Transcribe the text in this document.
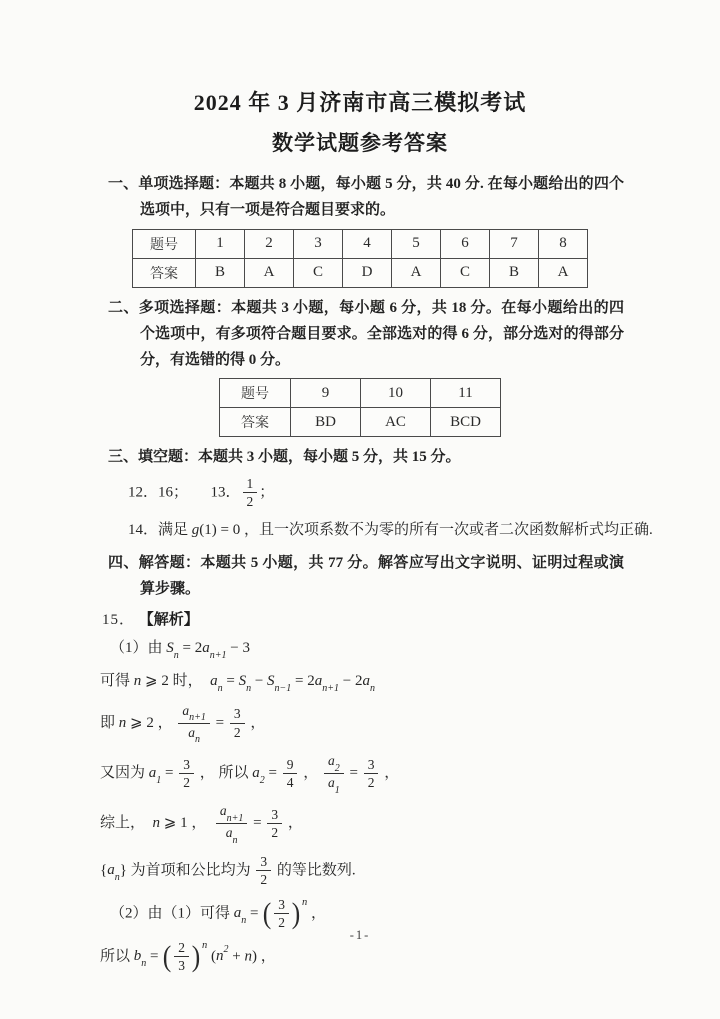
2024 年 3 月济南市高三模拟考试
数学试题参考答案

一、单项选择题：本题共 8 小题，每小题 5 分，共 40 分. 在每小题给出的四个选项中，只有一项是符合题目要求的。

题号	1	2	3	4	5	6	7	8
答案	B	A	C	D	A	C	B	A

二、多项选择题：本题共 3 小题，每小题 6 分，共 18 分。在每小题给出的四个选项中，有多项符合题目要求。全部选对的得 6 分，部分选对的得部分分，有选错的得 0 分。

题号	9	10	11
答案	BD	AC	BCD

三、填空题：本题共 3 小题，每小题 5 分，共 15 分。

12．16；      13． $\frac{1}{2}$ ；
14．满足 g(1) = 0 ，且一次项系数不为零的所有一次或者二次函数解析式均正确.

四、解答题：本题共 5 小题，共 77 分。解答应写出文字说明、证明过程或演算步骤。

15． 【解析】

（1）由 $S_n = 2a_{n+1} - 3$
可得 n ⩾ 2 时，  $a_n = S_n - S_{n-1} = 2a_{n+1} - 2a_n$
即 n ⩾ 2 ， $\frac{a_{n+1}}{a_n} = \frac{3}{2}$ ，
又因为 $a_1 = \frac{3}{2}$ ， 所以 $a_2 = \frac{9}{4}$ ， $\frac{a_2}{a_1} = \frac{3}{2}$ ，
综上，  n ⩾ 1 ， $\frac{a_{n+1}}{a_n} = \frac{3}{2}$ ，
$\{a_n\}$ 为首项和公比均为 $\frac{3}{2}$ 的等比数列.
（2）由（1）可得 $a_n$ = ( 3
2 ) n
，
所以 $b_n$ = ( 2
3 ) n
$(n^2 + n)$ ，
-1-
